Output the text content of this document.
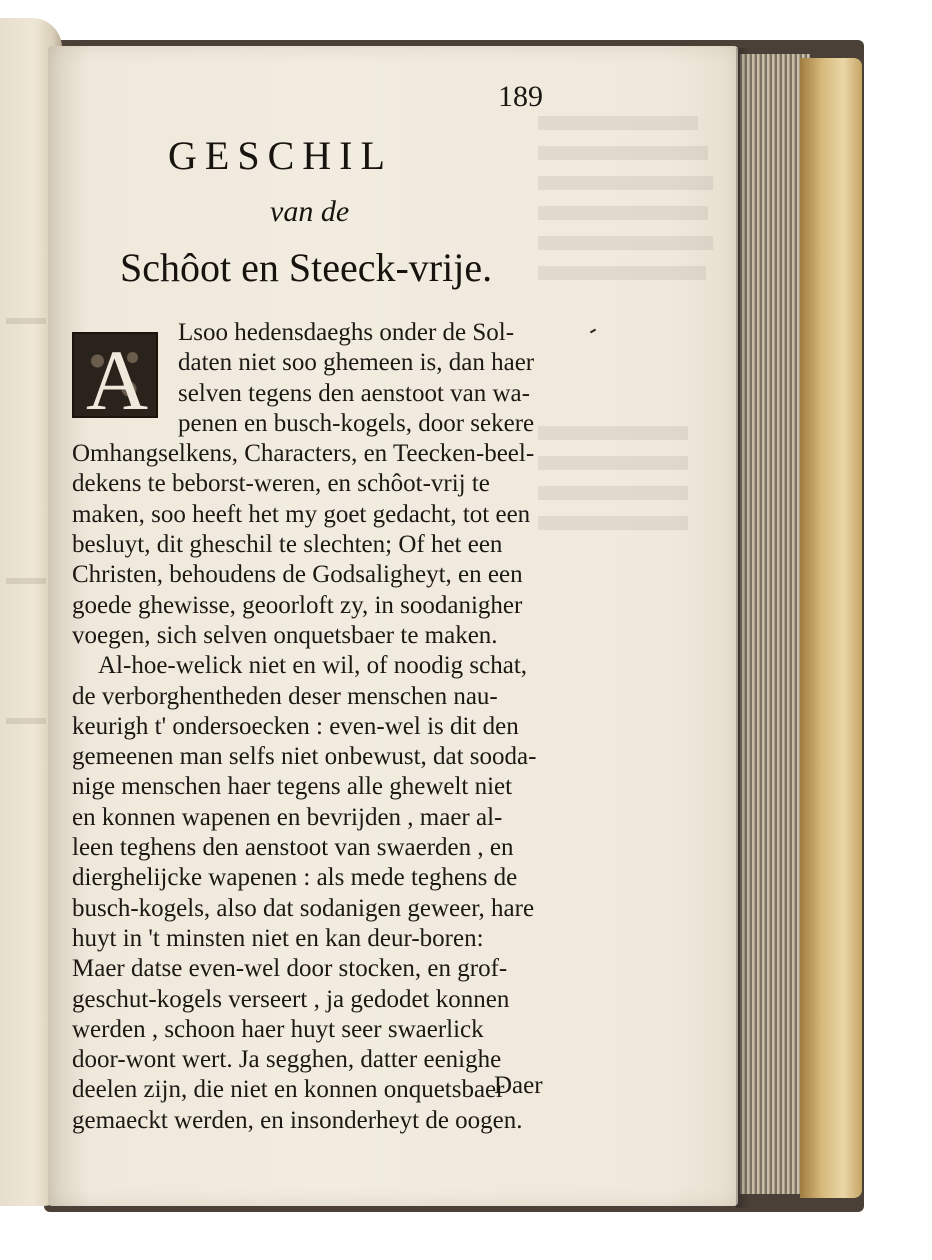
189
GESCHIL
van de
Schôot en Steeck-vrije.
A	Lsoo hedensdaeghs onder de Sol-
daten niet soo ghemeen is, dan haer
selven tegens den aenstoot van wa-
penen en busch-kogels, door sekere
Omhangselkens, Characters, en Teecken-beel-
dekens te beborst-weren, en schôot-vrij te
maken, soo heeft het my goet gedacht, tot een
besluyt, dit gheschil te slechten; Of het een
Christen, behoudens de Godsaligheyt, en een
goede ghewisse, geoorloft zy, in soodanigher
voegen, sich selven onquetsbaer te maken.
Al-hoe-welick niet en wil, of noodig schat,
de verborghentheden deser menschen nau-
keurigh t' ondersoecken : even-wel is dit den
gemeenen man selfs niet onbewust, dat sooda-
nige menschen haer tegens alle ghewelt niet
en konnen wapenen en bevrijden , maer al-
leen teghens den aenstoot van swaerden , en
dierghelijcke wapenen : als mede teghens de
busch-kogels, also dat sodanigen geweer, hare
huyt in 't minsten niet en kan deur-boren:
Maer datse even-wel door stocken, en grof-
geschut-kogels verseert , ja gedodet konnen
werden , schoon haer huyt seer swaerlick
door-wont wert. Ja segghen, datter eenighe
deelen zijn, die niet en konnen onquetsbaer
gemaeckt werden, en insonderheyt de oogen.
Daer
